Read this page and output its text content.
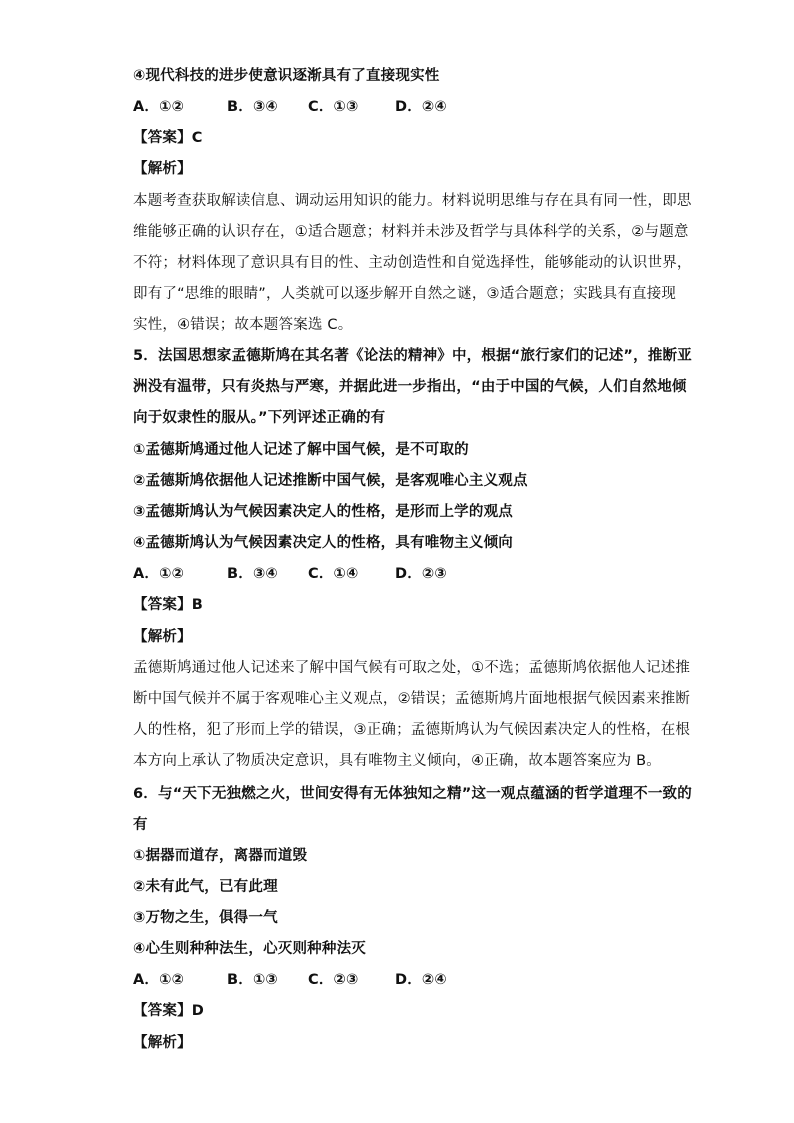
④现代科技的进步使意识逐渐具有了直接现实性
A．①②	B．③④ C．①③	D．②④
【答案】C
【解析】
本题考查获取解读信息、调动运用知识的能力。材料说明思维与存在具有同一性，即思
维能够正确的认识存在，①适合题意；材料并未涉及哲学与具体科学的关系，②与题意
不符；材料体现了意识具有目的性、主动创造性和自觉选择性，能够能动的认识世界，
即有了“思维的眼睛”，人类就可以逐步解开自然之谜，③适合题意；实践具有直接现
实性，④错误；故本题答案选 C。
5．法国思想家孟德斯鸠在其名著《论法的精神》中，根据“旅行家们的记述”，推断亚
洲没有温带，只有炎热与严寒，并据此进一步指出，“由于中国的气候，人们自然地倾
向于奴隶性的服从。”下列评述正确的有
①孟德斯鸠通过他人记述了解中国气候，是不可取的
②孟德斯鸠依据他人记述推断中国气候，是客观唯心主义观点
③孟德斯鸠认为气候因素决定人的性格，是形而上学的观点
④孟德斯鸠认为气候因素决定人的性格，具有唯物主义倾向
A．①②	B．③④ C．①④	D．②③
【答案】B
【解析】
孟德斯鸠通过他人记述来了解中国气候有可取之处，①不选；孟德斯鸠依据他人记述推
断中国气候并不属于客观唯心主义观点，②错误；孟德斯鸠片面地根据气候因素来推断
人的性格，犯了形而上学的错误，③正确；孟德斯鸠认为气候因素决定人的性格，在根
本方向上承认了物质决定意识，具有唯物主义倾向，④正确，故本题答案应为 B。
6．与“天下无独燃之火，世间安得有无体独知之精”这一观点蕴涵的哲学道理不一致的
有
①据器而道存，离器而道毁
②未有此气，已有此理
③万物之生，俱得一气
④心生则种种法生，心灭则种种法灭
A．①②	B．①③ C．②③	D．②④
【答案】D
【解析】
